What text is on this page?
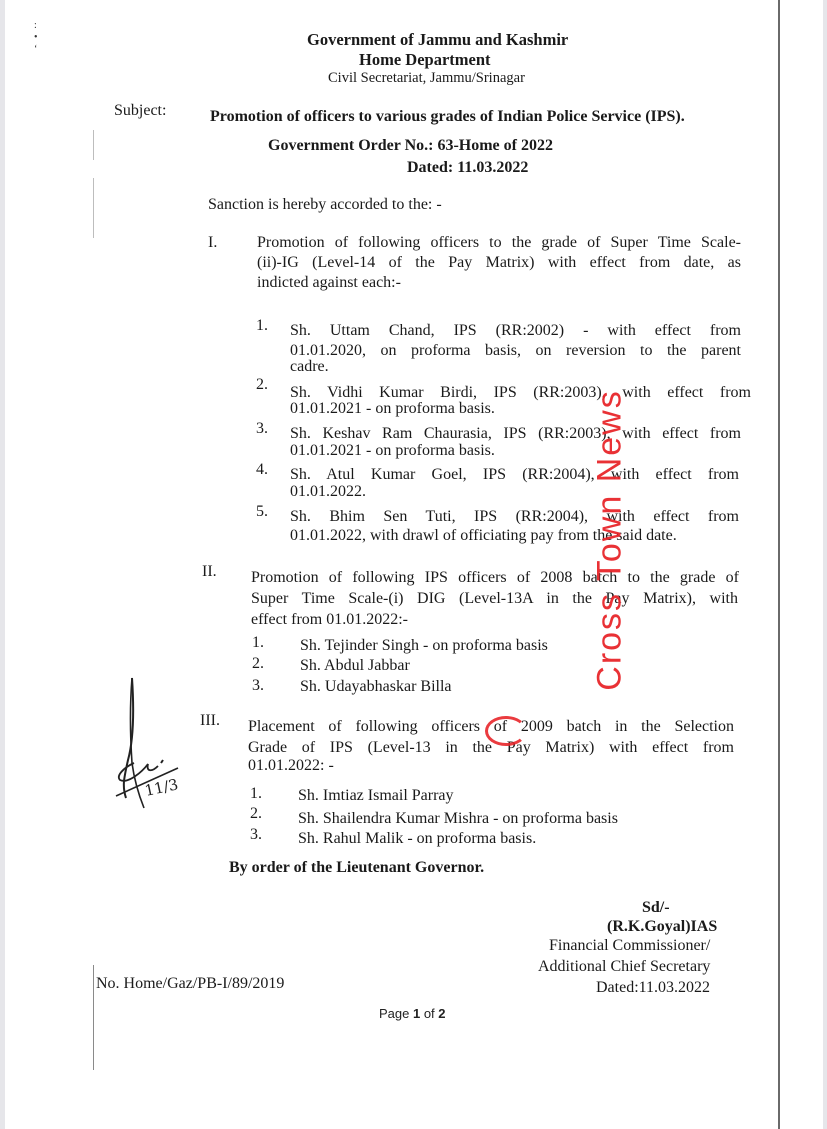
:
•
‘
Government of Jammu and Kashmir
Home Department
Civil Secretariat, Jammu/Srinagar
Subject:	Promotion of officers to various grades of Indian Police Service (IPS).
Government Order No.: 63-Home of 2022
Dated: 11.03.2022
Sanction is hereby accorded to the: -
I. Promotion of following officers to the grade of Super Time Scale-
(ii)-IG (Level-14 of the Pay Matrix) with effect from date, as
indicted against each:-
1. Sh. Uttam Chand, IPS (RR:2002) - with effect from
01.01.2020, on proforma basis, on reversion to the parent
cadre.
2. Sh. Vidhi Kumar Birdi, IPS (RR:2003), with effect from
01.01.2021 - on proforma basis.
3. Sh. Keshav Ram Chaurasia, IPS (RR:2003), with effect from
01.01.2021 - on proforma basis.
4. Sh. Atul Kumar Goel, IPS (RR:2004), with effect from
01.01.2022.
5. Sh. Bhim Sen Tuti, IPS (RR:2004), with effect from
01.01.2022, with drawl of officiating pay from the said date.
II. Promotion of following IPS officers of 2008 batch to the grade of
Super Time Scale-(i) DIG (Level-13A in the Pay Matrix), with
effect from 01.01.2022:-
1. Sh. Tejinder Singh - on proforma basis
2. Sh. Abdul Jabbar
3. Sh. Udayabhaskar Billa
III. Placement of following officers of 2009 batch in the Selection
Grade of IPS (Level-13 in the Pay Matrix) with effect from
01.01.2022: -
1. Sh. Imtiaz Ismail Parray
2. Sh. Shailendra Kumar Mishra - on proforma basis
3. Sh. Rahul Malik - on proforma basis.
By order of the Lieutenant Governor.
Sd/-
(R.K.Goyal)IAS
Financial Commissioner/
Additional Chief Secretary
Dated:11.03.2022
No. Home/Gaz/PB-I/89/2019
Page 1 of 2
11/3
Cross Town News
